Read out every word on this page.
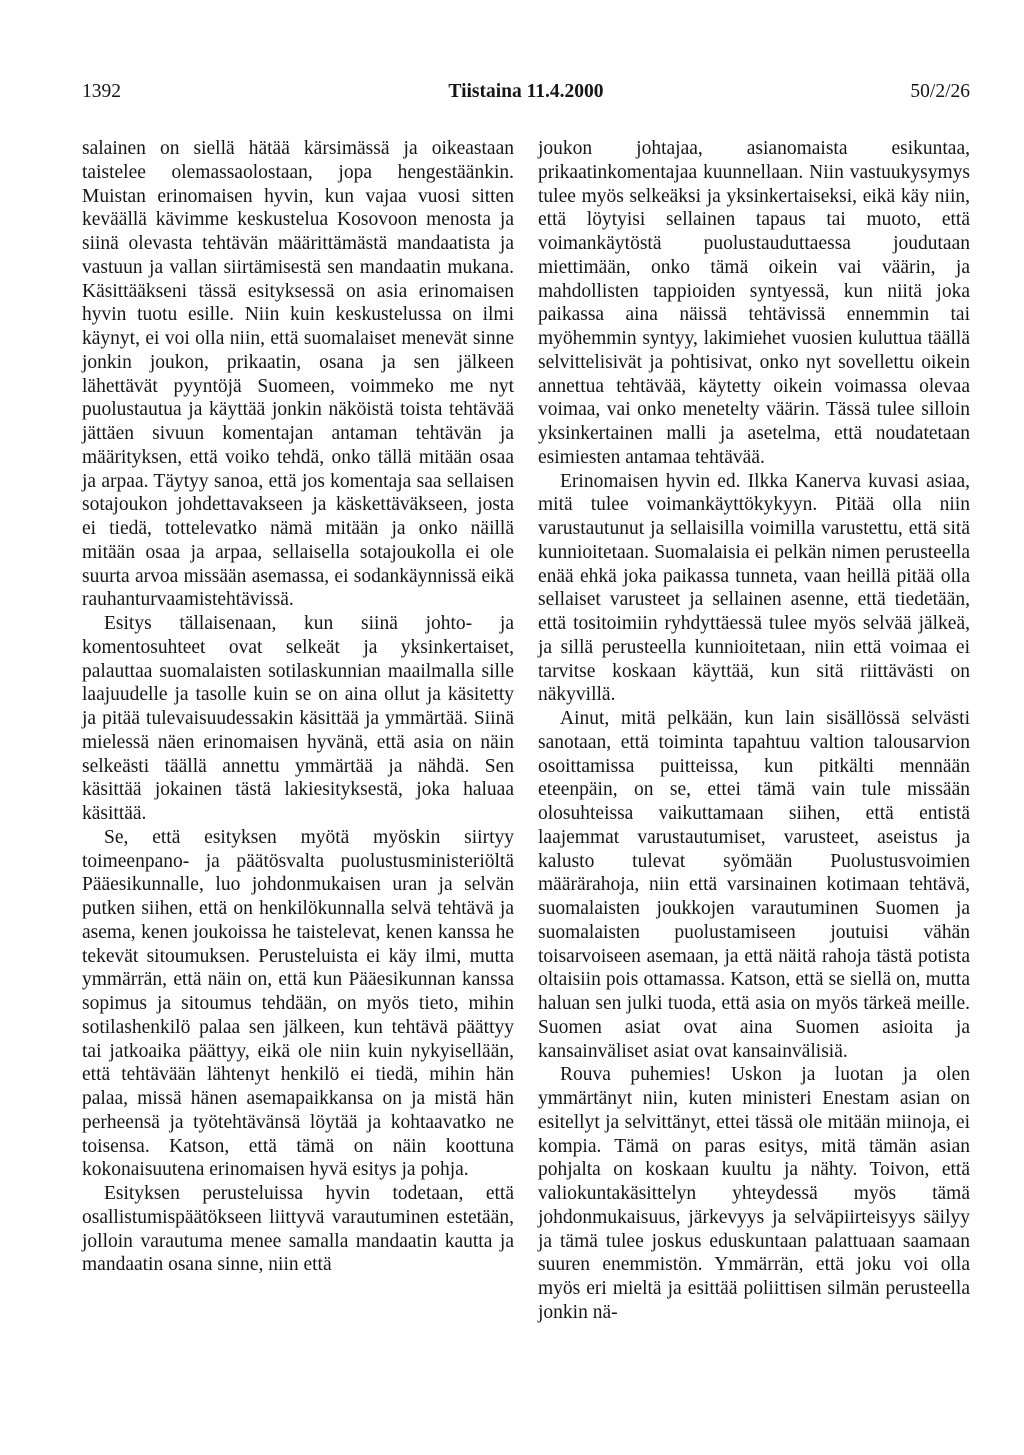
1392	Tiistaina 11.4.2000	50/2/26

salainen on siellä hätää kärsimässä ja oikeastaan taistelee olemassaolostaan, jopa hengestäänkin. Muistan erinomaisen hyvin, kun vajaa vuosi sitten keväällä kävimme keskustelua Kosovoon menosta ja siinä olevasta tehtävän määrittämästä mandaatista ja vastuun ja vallan siirtämisestä sen mandaatin mukana. Käsittääkseni tässä esityksessä on asia erinomaisen hyvin tuotu esille. Niin kuin keskustelussa on ilmi käynyt, ei voi olla niin, että suomalaiset menevät sinne jonkin joukon, prikaatin, osana ja sen jälkeen lähettävät pyyntöjä Suomeen, voimmeko me nyt puolustautua ja käyttää jonkin näköistä toista tehtävää jättäen sivuun komentajan antaman tehtävän ja määrityksen, että voiko tehdä, onko tällä mitään osaa ja arpaa. Täytyy sanoa, että jos komentaja saa sellaisen sotajoukon johdettavakseen ja käskettäväkseen, josta ei tiedä, tottelevatko nämä mitään ja onko näillä mitään osaa ja arpaa, sellaisella sotajoukolla ei ole suurta arvoa missään asemassa, ei sodankäynnissä eikä rauhanturvaamistehtävissä.

Esitys tällaisenaan, kun siinä johto- ja komentosuhteet ovat selkeät ja yksinkertaiset, palauttaa suomalaisten sotilaskunnian maailmalla sille laajuudelle ja tasolle kuin se on aina ollut ja käsitetty ja pitää tulevaisuudessakin käsittää ja ymmärtää. Siinä mielessä näen erinomaisen hyvänä, että asia on näin selkeästi täällä annettu ymmärtää ja nähdä. Sen käsittää jokainen tästä lakiesityksestä, joka haluaa käsittää.

Se, että esityksen myötä myöskin siirtyy toimeenpano- ja päätösvalta puolustusministeriöltä Pääesikunnalle, luo johdonmukaisen uran ja selvän putken siihen, että on henkilökunnalla selvä tehtävä ja asema, kenen joukoissa he taistelevat, kenen kanssa he tekevät sitoumuksen. Perusteluista ei käy ilmi, mutta ymmärrän, että näin on, että kun Pääesikunnan kanssa sopimus ja sitoumus tehdään, on myös tieto, mihin sotilashenkilö palaa sen jälkeen, kun tehtävä päättyy tai jatkoaika päättyy, eikä ole niin kuin nykyisellään, että tehtävään lähtenyt henkilö ei tiedä, mihin hän palaa, missä hänen asemapaikkansa on ja mistä hän perheensä ja työtehtävänsä löytää ja kohtaavatko ne toisensa. Katson, että tämä on näin koottuna kokonaisuutena erinomaisen hyvä esitys ja pohja.

Esityksen perusteluissa hyvin todetaan, että osallistumispäätökseen liittyvä varautuminen estetään, jolloin varautuma menee samalla mandaatin kautta ja mandaatin osana sinne, niin että

joukon johtajaa, asianomaista esikuntaa, prikaatinkomentajaa kuunnellaan. Niin vastuukysymys tulee myös selkeäksi ja yksinkertaiseksi, eikä käy niin, että löytyisi sellainen tapaus tai muoto, että voimankäytöstä puolustauduttaessa joudutaan miettimään, onko tämä oikein vai väärin, ja mahdollisten tappioiden syntyessä, kun niitä joka paikassa aina näissä tehtävissä ennemmin tai myöhemmin syntyy, lakimiehet vuosien kuluttua täällä selvittelisivät ja pohtisivat, onko nyt sovellettu oikein annettua tehtävää, käytetty oikein voimassa olevaa voimaa, vai onko menetelty väärin. Tässä tulee silloin yksinkertainen malli ja asetelma, että noudatetaan esimiesten antamaa tehtävää.

Erinomaisen hyvin ed. Ilkka Kanerva kuvasi asiaa, mitä tulee voimankäyttökykyyn. Pitää olla niin varustautunut ja sellaisilla voimilla varustettu, että sitä kunnioitetaan. Suomalaisia ei pelkän nimen perusteella enää ehkä joka paikassa tunneta, vaan heillä pitää olla sellaiset varusteet ja sellainen asenne, että tiedetään, että tositoimiin ryhdyttäessä tulee myös selvää jälkeä, ja sillä perusteella kunnioitetaan, niin että voimaa ei tarvitse koskaan käyttää, kun sitä riittävästi on näkyvillä.

Ainut, mitä pelkään, kun lain sisällössä selvästi sanotaan, että toiminta tapahtuu valtion talousarvion osoittamissa puitteissa, kun pitkälti mennään eteenpäin, on se, ettei tämä vain tule missään olosuhteissa vaikuttamaan siihen, että entistä laajemmat varustautumiset, varusteet, aseistus ja kalusto tulevat syömään Puolustusvoimien määrärahoja, niin että varsinainen kotimaan tehtävä, suomalaisten joukkojen varautuminen Suomen ja suomalaisten puolustamiseen joutuisi vähän toisarvoiseen asemaan, ja että näitä rahoja tästä potista oltaisiin pois ottamassa. Katson, että se siellä on, mutta haluan sen julki tuoda, että asia on myös tärkeä meille. Suomen asiat ovat aina Suomen asioita ja kansainväliset asiat ovat kansainvälisiä.

Rouva puhemies! Uskon ja luotan ja olen ymmärtänyt niin, kuten ministeri Enestam asian on esitellyt ja selvittänyt, ettei tässä ole mitään miinoja, ei kompia. Tämä on paras esitys, mitä tämän asian pohjalta on koskaan kuultu ja nähty. Toivon, että valiokuntakäsittelyn yhteydessä myös tämä johdonmukaisuus, järkevyys ja selväpiirteisyys säilyy ja tämä tulee joskus eduskuntaan palattuaan saamaan suuren enemmistön. Ymmärrän, että joku voi olla myös eri mieltä ja esittää poliittisen silmän perusteella jonkin nä-
